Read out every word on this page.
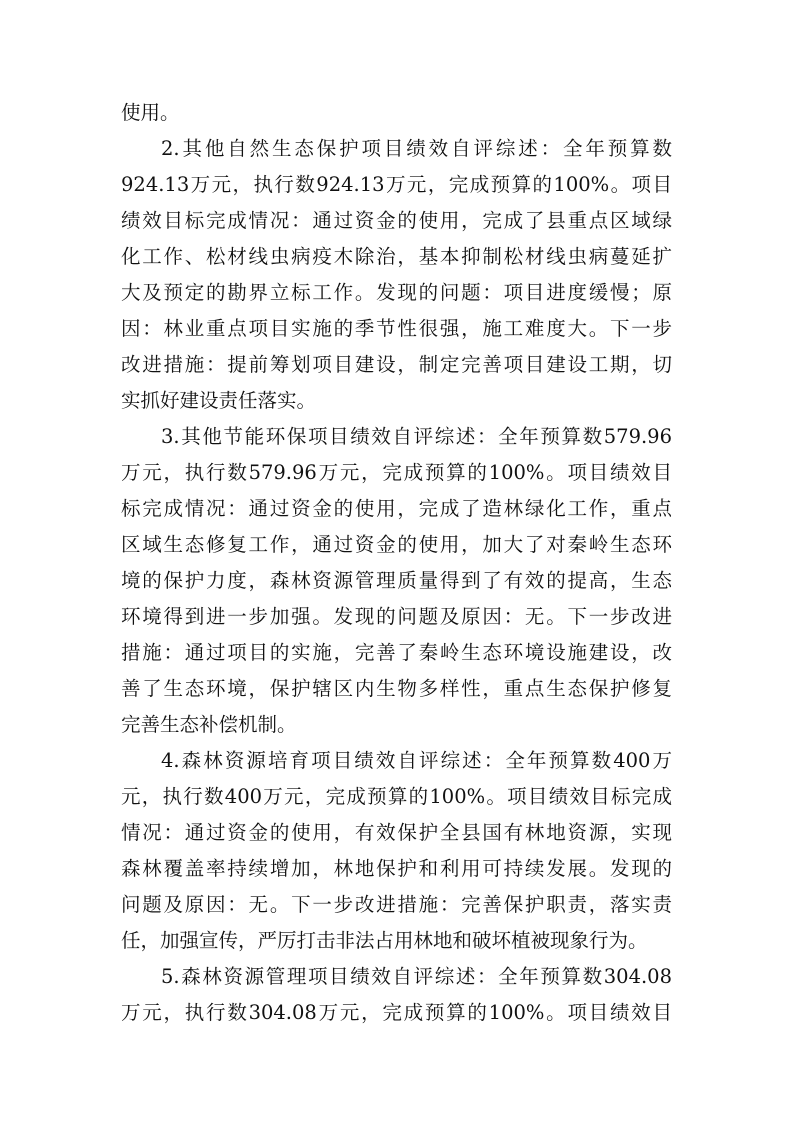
使用。
2.其他自然生态保护项目绩效自评综述：全年预算数
924.13万元，执行数924.13万元，完成预算的100%。项目
绩效目标完成情况：通过资金的使用，完成了县重点区域绿
化工作、松材线虫病疫木除治，基本抑制松材线虫病蔓延扩
大及预定的勘界立标工作。发现的问题：项目进度缓慢；原
因：林业重点项目实施的季节性很强，施工难度大。下一步
改进措施：提前筹划项目建设，制定完善项目建设工期，切
实抓好建设责任落实。
3.其他节能环保项目绩效自评综述：全年预算数579.96
万元，执行数579.96万元，完成预算的100%。项目绩效目
标完成情况：通过资金的使用，完成了造林绿化工作，重点
区域生态修复工作，通过资金的使用，加大了对秦岭生态环
境的保护力度，森林资源管理质量得到了有效的提高，生态
环境得到进一步加强。发现的问题及原因：无。下一步改进
措施：通过项目的实施，完善了秦岭生态环境设施建设，改
善了生态环境，保护辖区内生物多样性，重点生态保护修复
完善生态补偿机制。
4.森林资源培育项目绩效自评综述：全年预算数400万
元，执行数400万元，完成预算的100%。项目绩效目标完成
情况：通过资金的使用，有效保护全县国有林地资源，实现
森林覆盖率持续增加，林地保护和利用可持续发展。发现的
问题及原因：无。下一步改进措施：完善保护职责，落实责
任，加强宣传，严厉打击非法占用林地和破坏植被现象行为。
5.森林资源管理项目绩效自评综述：全年预算数304.08
万元，执行数304.08万元，完成预算的100%。项目绩效目
